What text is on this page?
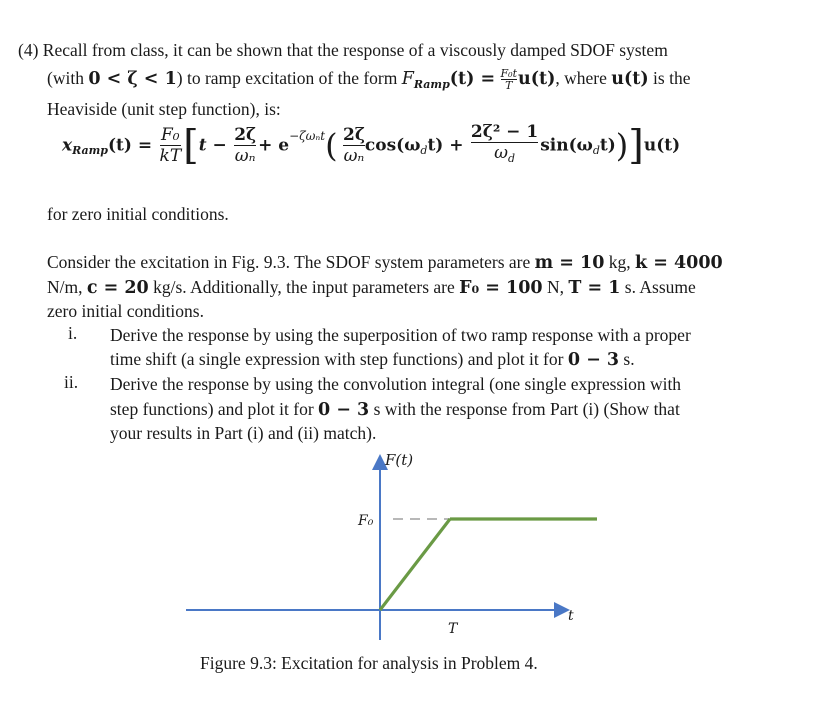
(4) Recall from class, it can be shown that the response of a viscously damped SDOF system
(with 0 < ζ < 1) to ramp excitation of the form $F_{Ramp}(t) = \frac{\text{F₀t}}{T} u(t)$, where u(t) is the
Heaviside (unit step function), is:
$x_{Ramp}(t) = \frac{\text{F₀}}{kT} [t - \frac{2\zeta}{\text{ωₙ}} + e^{-\zeta\omega_nt}( \frac{2\zeta}{\text{ωₙ}} \cos(\omega_dt) + \frac{\text{2ζ² − 1}}{\omega_d} \sin(\omega_dt))]u(t)$
for zero initial conditions.
Consider the excitation in Fig. 9.3. The SDOF system parameters are m = 10 kg, k = 4000
N/m, c = 20 kg/s. Additionally, the input parameters are F₀ = 100 N, T = 1 s. Assume
zero initial conditions.
i. Derive the response by using the superposition of two ramp response with a proper
time shift (a single expression with step functions) and plot it for 0 − 3 s.
ii. Derive the response by using the convolution integral (one single expression with
step functions) and plot it for 0 − 3 s with the response from Part (i) (Show that
your results in Part (i) and (ii) match).
F(t)
t
F₀
T
Figure 9.3: Excitation for analysis in Problem 4.
